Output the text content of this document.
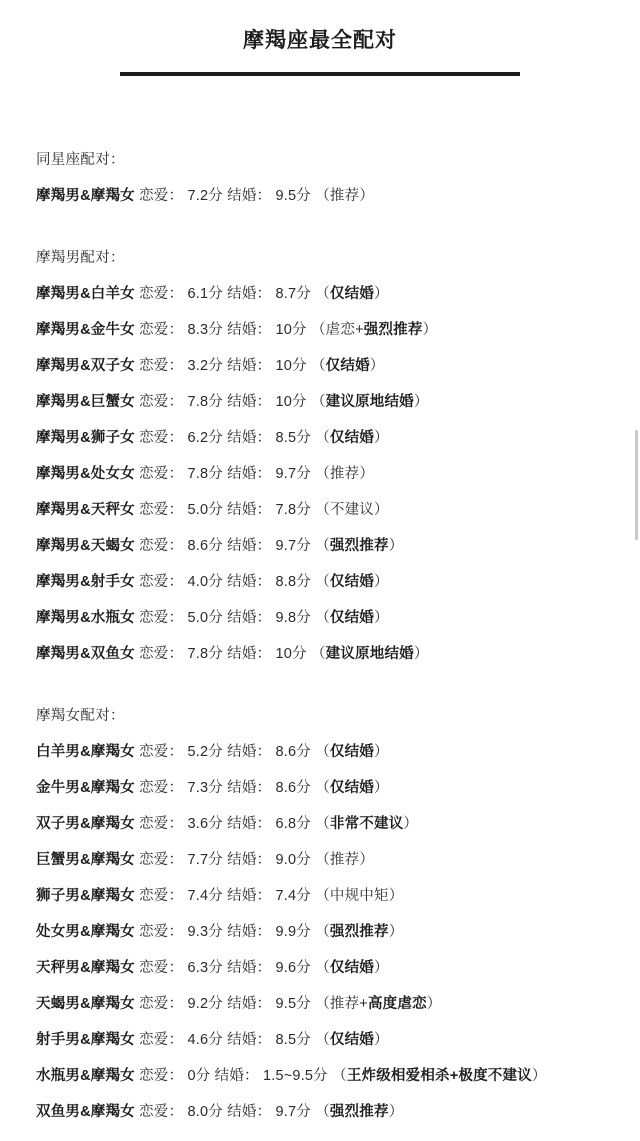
摩羯座最全配对
同星座配对：
摩羯男&摩羯女 恋爱： 7.2分 结婚： 9.5分 （推荐）
摩羯男配对：
摩羯男&白羊女 恋爱： 6.1分 结婚： 8.7分 （仅结婚）
摩羯男&金牛女 恋爱： 8.3分 结婚： 10分 （虐恋+强烈推荐）
摩羯男&双子女 恋爱： 3.2分 结婚： 10分 （仅结婚）
摩羯男&巨蟹女 恋爱： 7.8分 结婚： 10分 （建议原地结婚）
摩羯男&狮子女 恋爱： 6.2分 结婚： 8.5分 （仅结婚）
摩羯男&处女女 恋爱： 7.8分 结婚： 9.7分 （推荐）
摩羯男&天秤女 恋爱： 5.0分 结婚： 7.8分 （不建议）
摩羯男&天蝎女 恋爱： 8.6分 结婚： 9.7分 （强烈推荐）
摩羯男&射手女 恋爱： 4.0分 结婚： 8.8分 （仅结婚）
摩羯男&水瓶女 恋爱： 5.0分 结婚： 9.8分 （仅结婚）
摩羯男&双鱼女 恋爱： 7.8分 结婚： 10分 （建议原地结婚）
摩羯女配对：
白羊男&摩羯女 恋爱： 5.2分 结婚： 8.6分 （仅结婚）
金牛男&摩羯女 恋爱： 7.3分 结婚： 8.6分 （仅结婚）
双子男&摩羯女 恋爱： 3.6分 结婚： 6.8分 （非常不建议）
巨蟹男&摩羯女 恋爱： 7.7分 结婚： 9.0分 （推荐）
狮子男&摩羯女 恋爱： 7.4分 结婚： 7.4分 （中规中矩）
处女男&摩羯女 恋爱： 9.3分 结婚： 9.9分 （强烈推荐）
天秤男&摩羯女 恋爱： 6.3分 结婚： 9.6分 （仅结婚）
天蝎男&摩羯女 恋爱： 9.2分 结婚： 9.5分 （推荐+高度虐恋）
射手男&摩羯女 恋爱： 4.6分 结婚： 8.5分 （仅结婚）
水瓶男&摩羯女 恋爱： 0分 结婚： 1.5~9.5分 （王炸级相爱相杀+极度不建议）
双鱼男&摩羯女 恋爱： 8.0分 结婚： 9.7分 （强烈推荐）
